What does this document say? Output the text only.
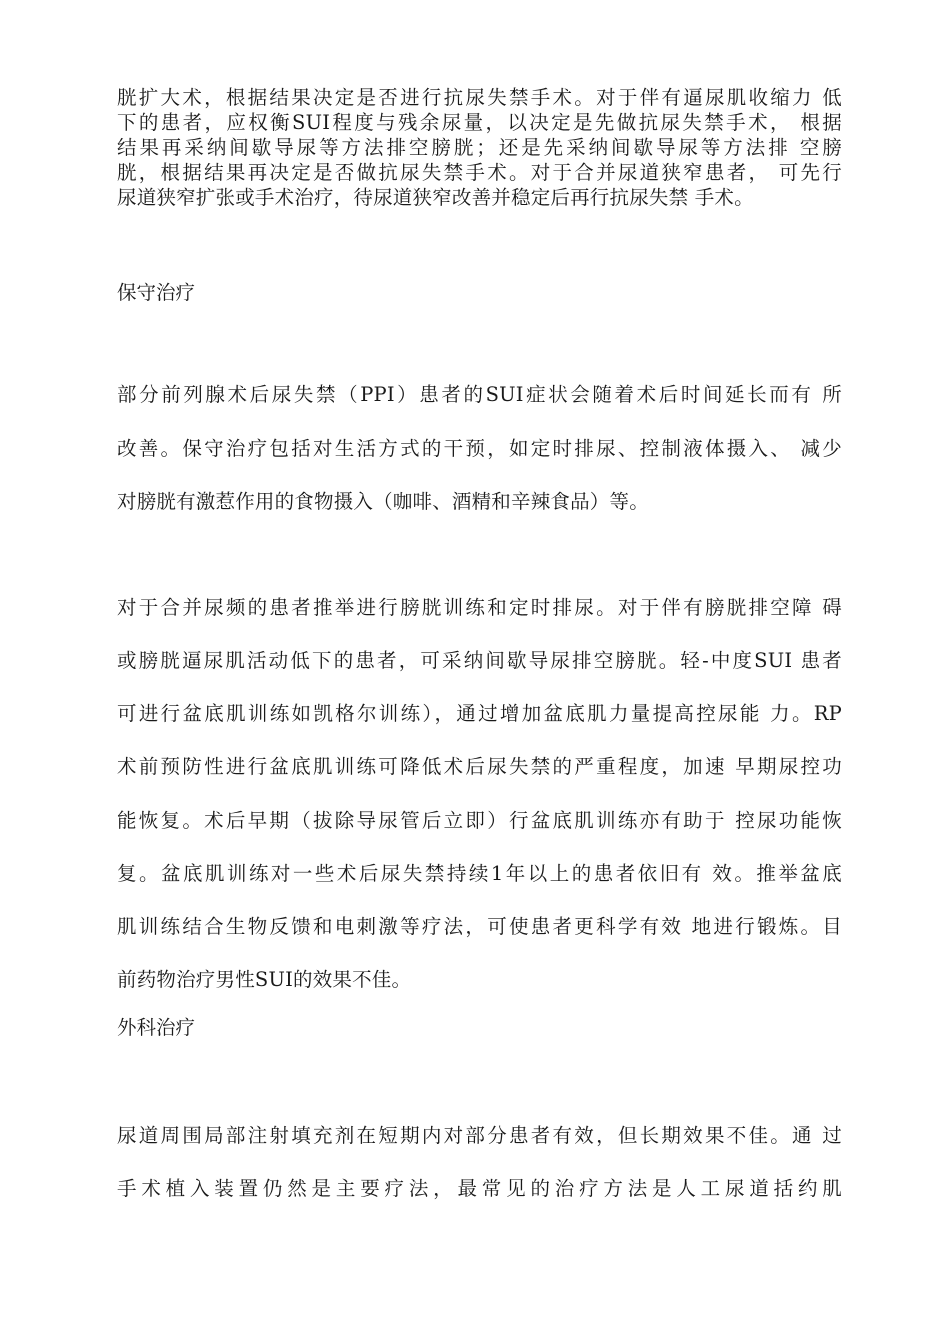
胱扩大术，根据结果决定是否进行抗尿失禁手术。对于伴有逼尿肌收缩力 低
下的患者，应权衡SUI程度与残余尿量，以决定是先做抗尿失禁手术， 根据
结果再采纳间歇导尿等方法排空膀胱；还是先采纳间歇导尿等方法排 空膀
胱，根据结果再决定是否做抗尿失禁手术。对于合并尿道狭窄患者， 可先行
尿道狭窄扩张或手术治疗，待尿道狭窄改善并稳定后再行抗尿失禁 手术。
保守治疗
部分前列腺术后尿失禁（PPI）患者的SUI症状会随着术后时间延长而有 所
改善。保守治疗包括对生活方式的干预，如定时排尿、控制液体摄入、 减少
对膀胱有激惹作用的食物摄入（咖啡、酒精和辛辣食品）等。
对于合并尿频的患者推举进行膀胱训练和定时排尿。对于伴有膀胱排空障 碍
或膀胱逼尿肌活动低下的患者，可采纳间歇导尿排空膀胱。轻-中度SUI 患者
可进行盆底肌训练如凯格尔训练），通过增加盆底肌力量提高控尿能 力。RP
术前预防性进行盆底肌训练可降低术后尿失禁的严重程度，加速 早期尿控功
能恢复。术后早期（拔除导尿管后立即）行盆底肌训练亦有助于 控尿功能恢
复。盆底肌训练对一些术后尿失禁持续1年以上的患者依旧有 效。推举盆底
肌训练结合生物反馈和电刺激等疗法，可使患者更科学有效 地进行锻炼。目
前药物治疗男性SUI的效果不佳。
外科治疗
尿道周围局部注射填充剂在短期内对部分患者有效，但长期效果不佳。通 过
手术植入装置仍然是主要疗法，最常见的治疗方法是人工尿道括约肌
